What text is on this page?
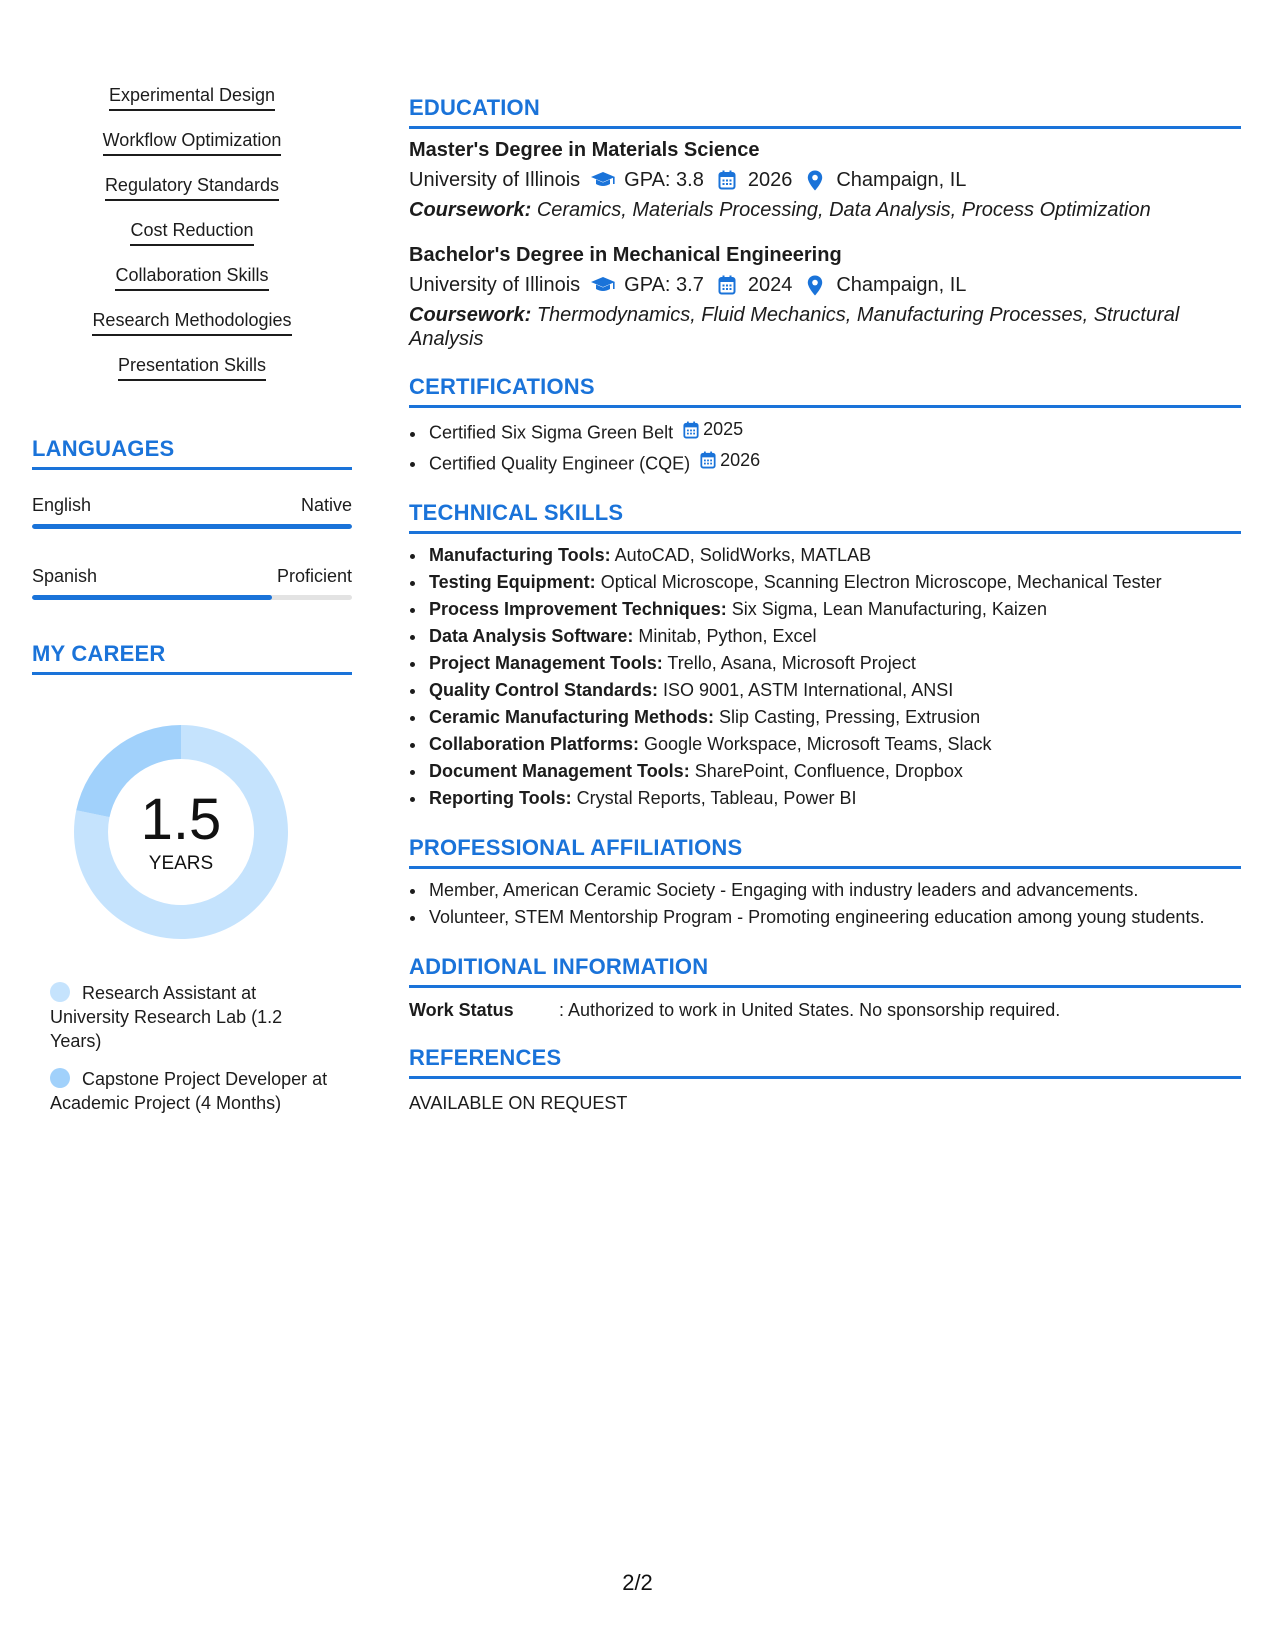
Experimental Design
Workflow Optimization
Regulatory Standards
Cost Reduction
Collaboration Skills
Research Methodologies
Presentation Skills
LANGUAGES
English	Native
Spanish	Proficient
MY CAREER
1.5
YEARS
Research Assistant at University Research Lab (1.2 Years)
Capstone Project Developer at Academic Project (4 Months)
EDUCATION
Master's Degree in Materials Science
University of Illinois GPA: 3.8 2026 Champaign, IL
Coursework: Ceramics, Materials Processing, Data Analysis, Process Optimization
Bachelor's Degree in Mechanical Engineering
University of Illinois GPA: 3.7 2024 Champaign, IL
Coursework: Thermodynamics, Fluid Mechanics, Manufacturing Processes, Structural Analysis
CERTIFICATIONS
• Certified Six Sigma Green Belt 2025
• Certified Quality Engineer (CQE) 2026
TECHNICAL SKILLS
• Manufacturing Tools: AutoCAD, SolidWorks, MATLAB
• Testing Equipment: Optical Microscope, Scanning Electron Microscope, Mechanical Tester
• Process Improvement Techniques: Six Sigma, Lean Manufacturing, Kaizen
• Data Analysis Software: Minitab, Python, Excel
• Project Management Tools: Trello, Asana, Microsoft Project
• Quality Control Standards: ISO 9001, ASTM International, ANSI
• Ceramic Manufacturing Methods: Slip Casting, Pressing, Extrusion
• Collaboration Platforms: Google Workspace, Microsoft Teams, Slack
• Document Management Tools: SharePoint, Confluence, Dropbox
• Reporting Tools: Crystal Reports, Tableau, Power BI
PROFESSIONAL AFFILIATIONS
• Member, American Ceramic Society - Engaging with industry leaders and advancements.
• Volunteer, STEM Mentorship Program - Promoting engineering education among young students.
ADDITIONAL INFORMATION
Work Status	: Authorized to work in United States. No sponsorship required.
REFERENCES
AVAILABLE ON REQUEST
2/2
